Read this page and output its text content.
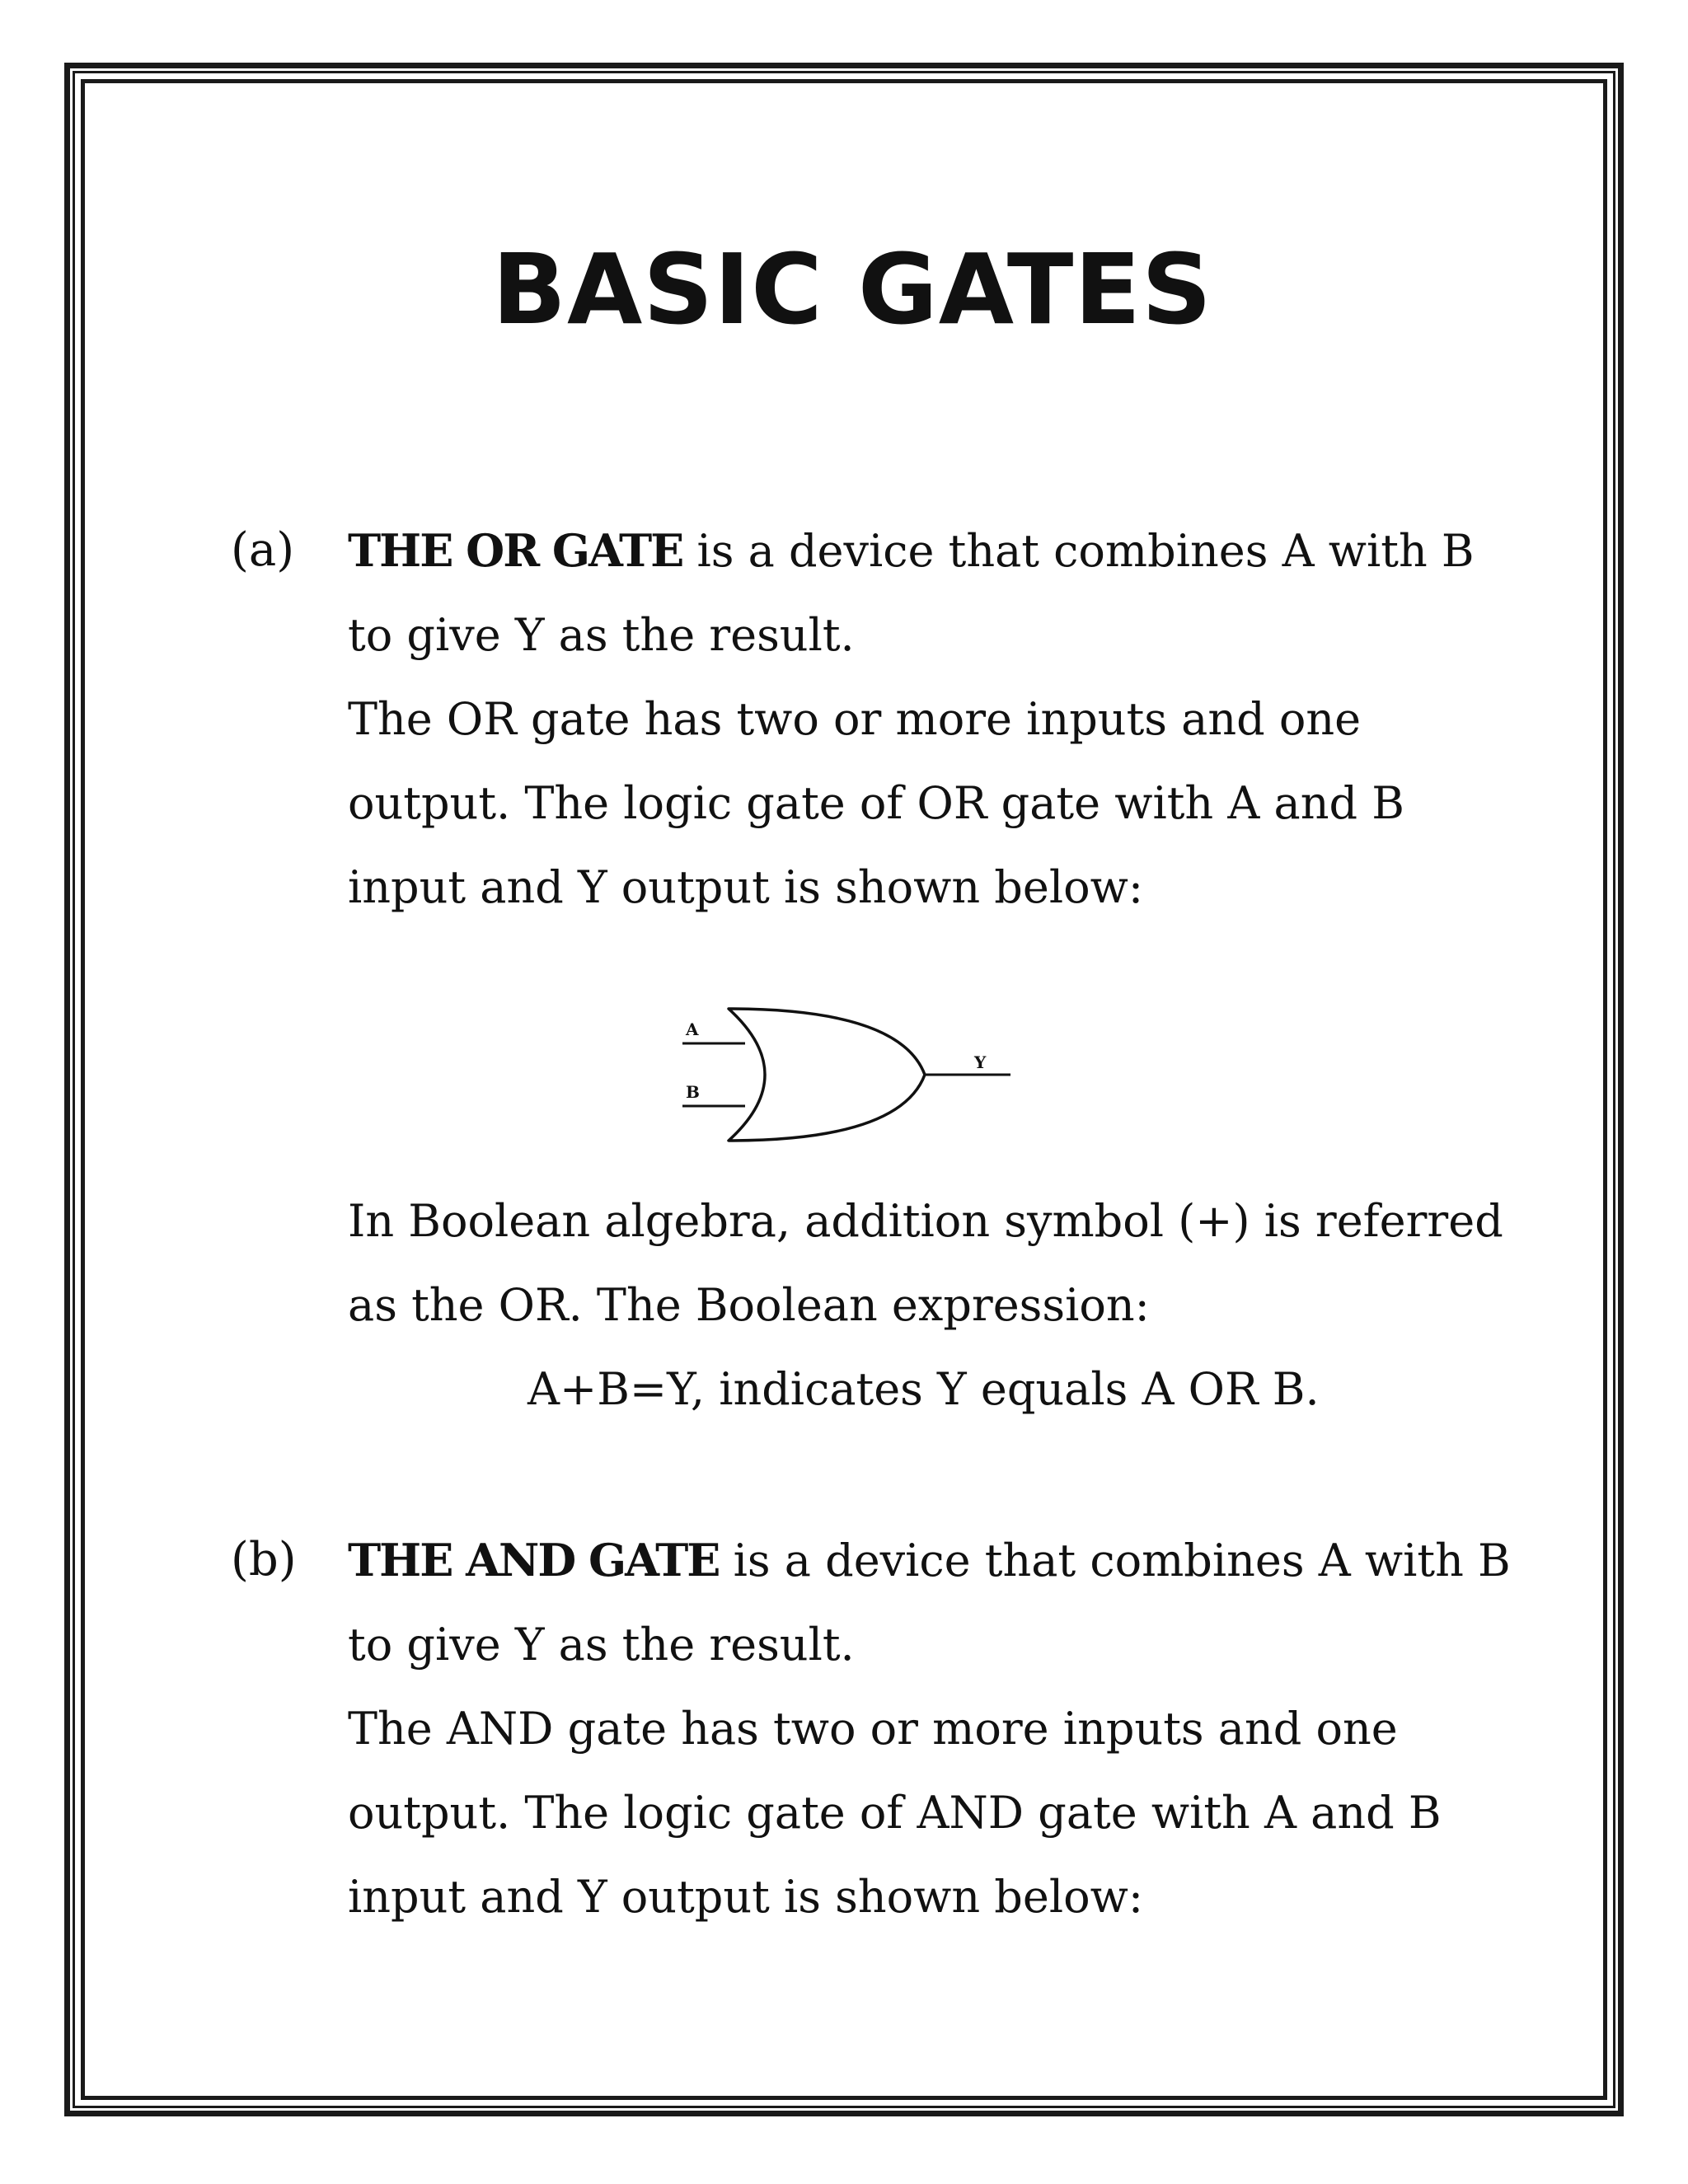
BASIC GATES
(a) THE OR GATE is a device that combines A with B
to give Y as the result.
The OR gate has two or more inputs and one
output. The logic gate of OR gate with A and B
input and Y output is shown below:
A
B
Y
In Boolean algebra, addition symbol (+) is referred
as the OR. The Boolean expression:
A+B=Y, indicates Y equals A OR B.
(b) THE AND GATE is a device that combines A with B
to give Y as the result.
The AND gate has two or more inputs and one
output. The logic gate of AND gate with A and B
input and Y output is shown below:
